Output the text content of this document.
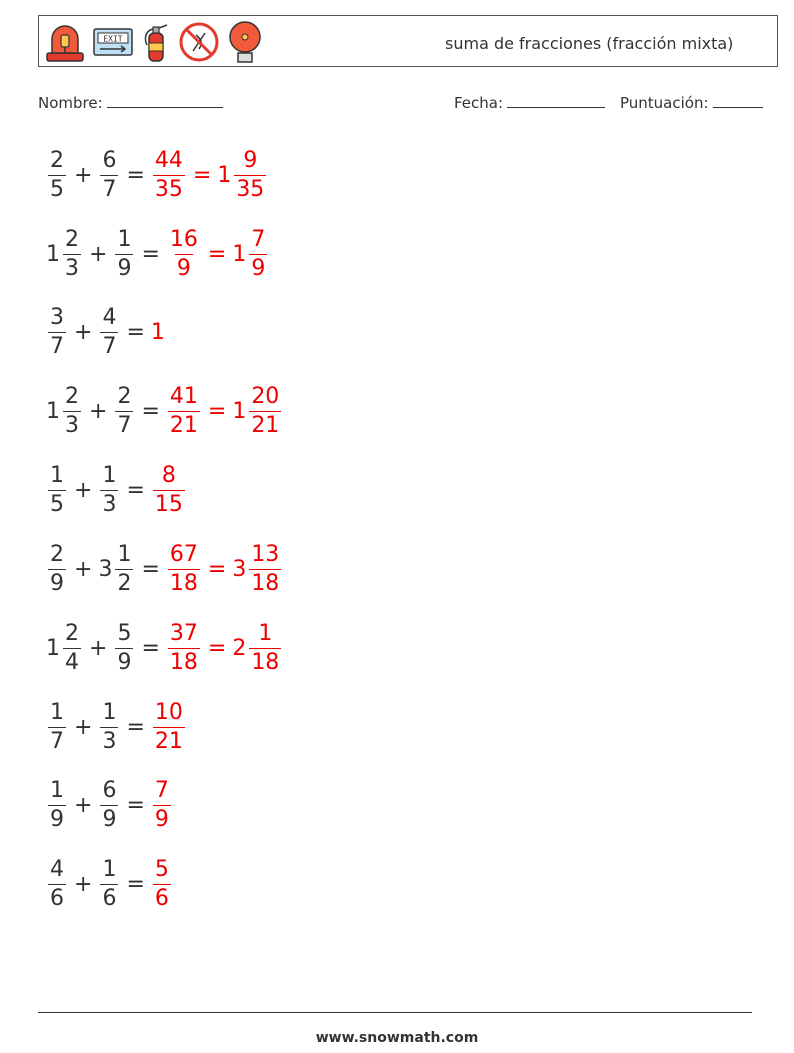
EXIT	suma de fracciones (fracción mixta)
Nombre:	Fecha:	Puntuación:
$\frac{2}{5} + \frac{6}{7} = \frac{44}{35} = 1 \frac{9}{35}$
$1 \frac{2}{3} + \frac{1}{9} = \frac{16}{9} = 1 \frac{7}{9}$
$\frac{3}{7} + \frac{4}{7} = 1$
$1 \frac{2}{3} + \frac{2}{7} = \frac{41}{21} = 1 \frac{20}{21}$
$\frac{1}{5} + \frac{1}{3} = \frac{8}{15}$
$\frac{2}{9} + 3 \frac{1}{2} = \frac{67}{18} = 3 \frac{13}{18}$
$1 \frac{2}{4} + \frac{5}{9} = \frac{37}{18} = 2 \frac{1}{18}$
$\frac{1}{7} + \frac{1}{3} = \frac{10}{21}$
$\frac{1}{9} + \frac{6}{9} = \frac{7}{9}$
$\frac{4}{6} + \frac{1}{6} = \frac{5}{6}$
www.snowmath.com
